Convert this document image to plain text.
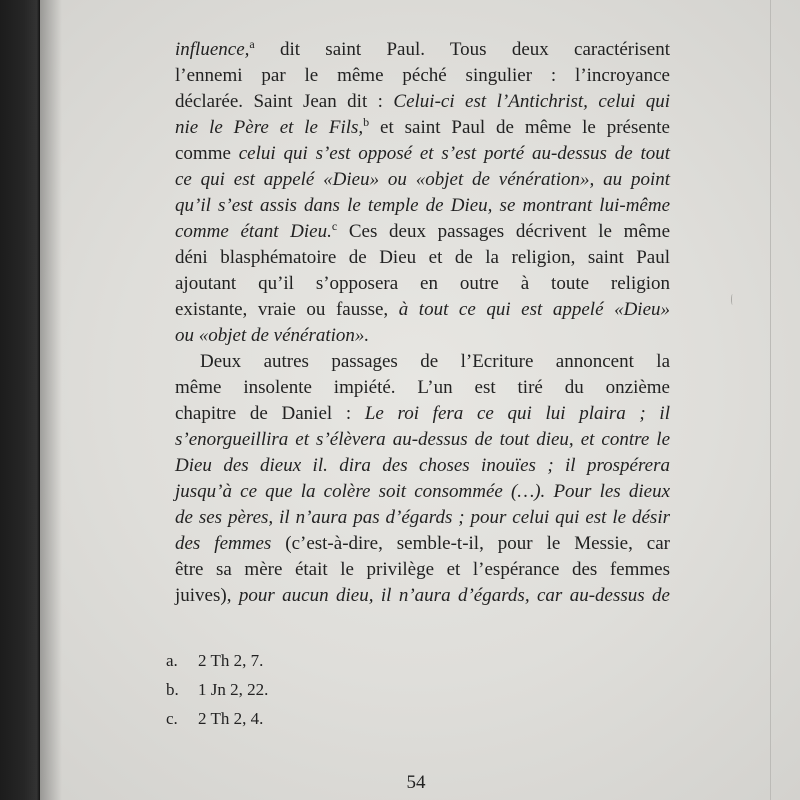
influence,$^a$ dit saint Paul. Tous deux caractérisent
l’ennemi par le même péché singulier : l’incroyance
déclarée. Saint Jean dit : Celui-ci est l’Antichrist, celui qui
nie le Père et le Fils,$^b$ et saint Paul de même le présente
comme celui qui s’est opposé et s’est porté au-dessus de tout
ce qui est appelé «Dieu» ou «objet de vénération», au point
qu’il s’est assis dans le temple de Dieu, se montrant lui-même
comme étant Dieu.$^c$ Ces deux passages décrivent le même
déni blasphématoire de Dieu et de la religion, saint Paul
ajoutant qu’il s’opposera en outre à toute religion
existante, vraie ou fausse, à tout ce qui est appelé «Dieu»
ou «objet de vénération».
Deux autres passages de l’Ecriture annoncent la
même insolente impiété. L’un est tiré du onzième
chapitre de Daniel : Le roi fera ce qui lui plaira ; il
s’enorgueillira et s’élèvera au-dessus de tout dieu, et contre le
Dieu des dieux il. dira des choses inouïes ; il prospérera
jusqu’à ce que la colère soit consommée (…). Pour les dieux
de ses pères, il n’aura pas d’égards ; pour celui qui est le désir
des femmes (c’est-à-dire, semble-t-il, pour le Messie, car
être sa mère était le privilège et l’espérance des femmes
juives), pour aucun dieu, il n’aura d’égards, car au-dessus de
a.	2 Th 2, 7.
b.	1 Jn 2, 22.
c.	2 Th 2, 4.
54
